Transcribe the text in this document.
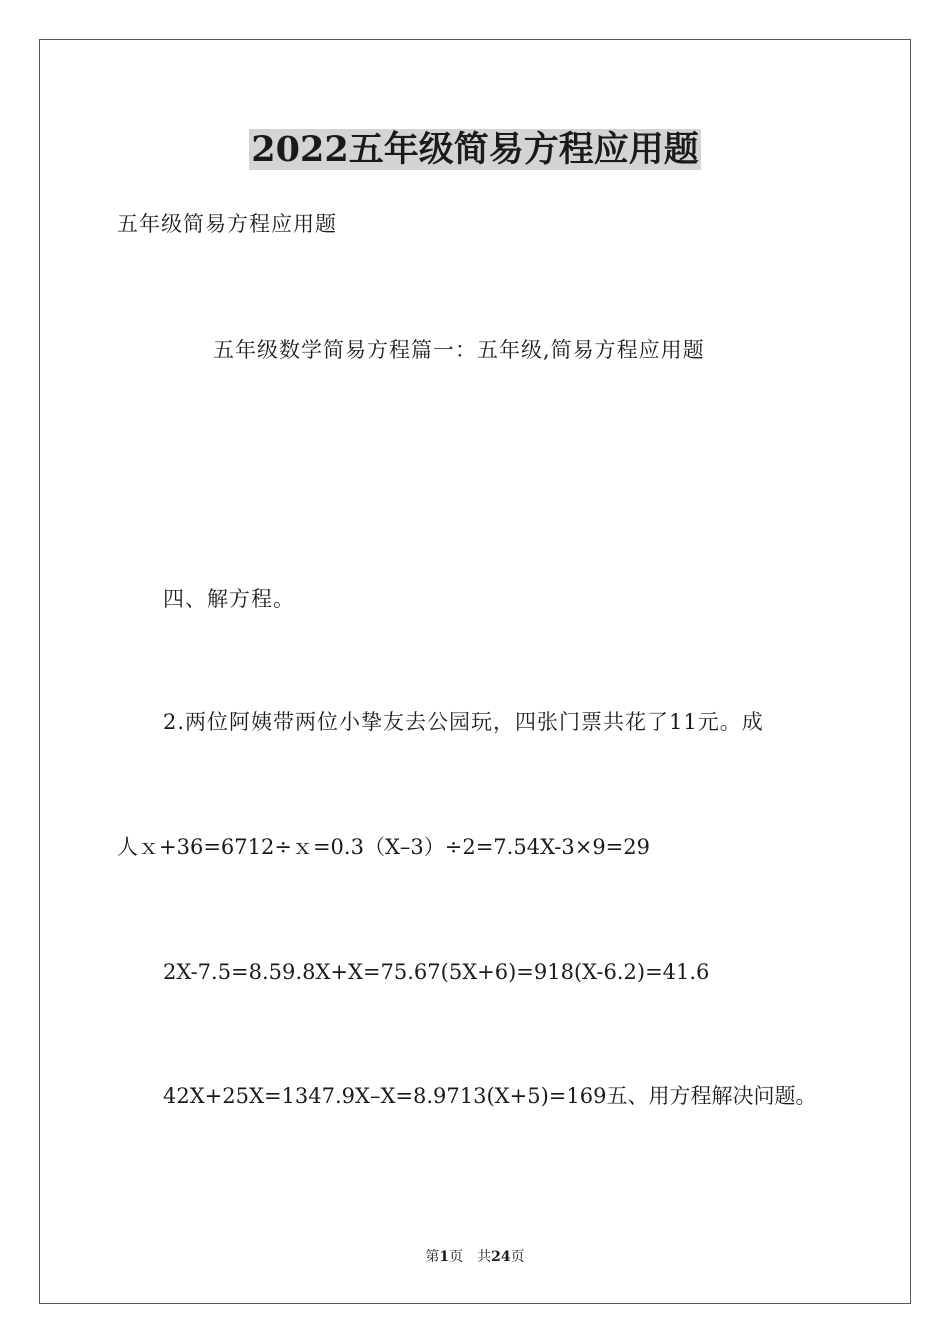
2022五年级简易方程应用题
五年级简易方程应用题
五年级数学简易方程篇一：五年级,简易方程应用题
四、解方程。
2.两位阿姨带两位小挚友去公园玩，四张门票共花了11元。成
人ｘ+36=6712÷ｘ=0.3（X–3）÷2=7.54X-3×9=29
2X-7.5=8.59.8X+X=75.67(5X+6)=918(X-6.2)=41.6
42X+25X=1347.9X–X=8.9713(X+5)=169五、用方程解决问题。
第1页 共24页
